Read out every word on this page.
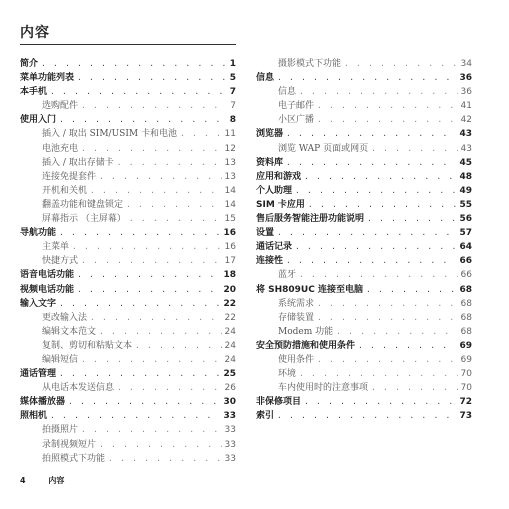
内容
简介 . . .	1
菜单功能列表 . . .	5
本手机 . . .	7
选购配件 . . .	7
使用入门 . . .	8
插入 / 取出 SIM/USIM 卡和电池 . . .	11
电池充电 . . .	12
插入 / 取出存储卡 . . .	13
连接免提套件 . . .	13
开机和关机 . . .	14
翻盖功能和键盘锁定 . . .	14
屏幕指示 （主屏幕） . . .	15
导航功能 . . .	16
主菜单 . . .	16
快捷方式 . . .	17
语音电话功能 . . .	18
视频电话功能 . . .	20
输入文字 . . .	22
更改输入法 . . .	22
编辑文本范文 . . .	24
复制、剪切和粘贴文本 . . .	24
编辑短信 . . .	24
通话管理 . . .	25
从电话本发送信息 . . .	26
媒体播放器 . . .	30
照相机 . . .	33
拍摄照片 . . .	33
录制视频短片 . . .	33
拍照模式下功能 . . .	33
摄影模式下功能 . . .	34
信息 . . .	36
信息 . . .	36
电子邮件 . . .	41
小区广播 . . .	42
浏览器 . . .	43
浏览 WAP 页面或网页 . . .	43
资料库 . . .	45
应用和游戏 . . .	48
个人助理 . . .	49
SIM 卡应用 . . .	55
售后服务智能注册功能说明 . . .	56
设置 . . .	57
通话记录 . . .	64
连接性 . . .	66
蓝牙 . . .	66
将 SH809UC 连接至电脑 . . .	68
系统需求 . . .	68
存储装置 . . .	68
Modem 功能 . . .	68
安全预防措施和使用条件 . . .	69
使用条件 . . .	69
环境 . . .	70
车内使用时的注意事项 . . .	70
非保修项目 . . .	72
索引 . . .	73
4	内容
